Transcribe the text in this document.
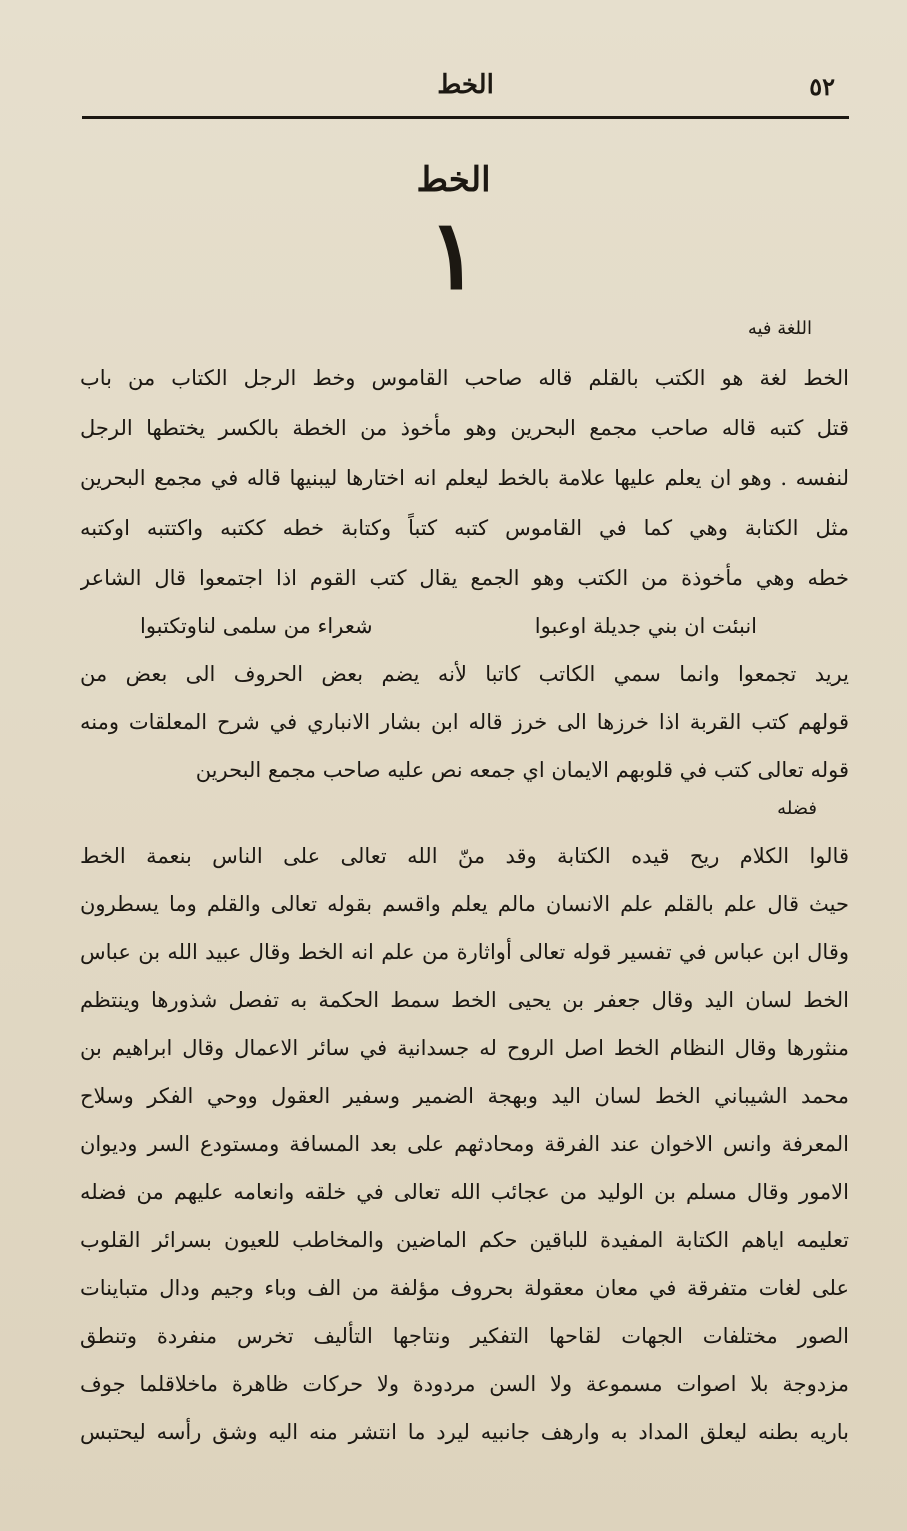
الخط	٥٢
الخط
١
اللغة فيه
الخط لغة هو الكتب بالقلم قاله صاحب القاموس وخط الرجل الكتاب من باب
قتل كتبه قاله صاحب مجمع البحرين وهو مأخوذ من الخطة بالكسر يختطها الرجل
لنفسه . وهو ان يعلم عليها علامة بالخط ليعلم انه اختارها ليبنيها قاله في مجمع البحرين
مثل الكتابة وهي كما في القاموس كتبه كتباً وكتابة خطه ككتبه واكتتبه اوكتبه
خطه وهي مأخوذة من الكتب وهو الجمع يقال كتب القوم اذا اجتمعوا قال الشاعر
انبئت ان بني جديلة اوعبوا
شعراء من سلمى لناوتكتبوا
يريد تجمعوا وانما سمي الكاتب كاتبا لأنه يضم بعض الحروف الى بعض من
قولهم كتب القربة اذا خرزها الى خرز قاله ابن بشار الانباري في شرح المعلقات ومنه
قوله تعالى كتب في قلوبهم الايمان اي جمعه نص عليه صاحب مجمع البحرين
فضله
قالوا الكلام ريح قيده الكتابة وقد منّ الله تعالى على الناس بنعمة الخط
حيث قال علم بالقلم علم الانسان مالم يعلم واقسم بقوله تعالى والقلم وما يسطرون
وقال ابن عباس في تفسير قوله تعالى أواثارة من علم انه الخط وقال عبيد الله بن عباس
الخط لسان اليد وقال جعفر بن يحيى الخط سمط الحكمة به تفصل شذورها وينتظم
منثورها وقال النظام الخط اصل الروح له جسدانية في سائر الاعمال وقال ابراهيم بن
محمد الشيباني الخط لسان اليد وبهجة الضمير وسفير العقول ووحي الفكر وسلاح
المعرفة وانس الاخوان عند الفرقة ومحادثهم على بعد المسافة ومستودع السر وديوان
الامور وقال مسلم بن الوليد من عجائب الله تعالى في خلقه وانعامه عليهم من فضله
تعليمه اياهم الكتابة المفيدة للباقين حكم الماضين والمخاطب للعيون بسرائر القلوب
على لغات متفرقة في معان معقولة بحروف مؤلفة من الف وباء وجيم ودال متباينات
الصور مختلفات الجهات لقاحها التفكير ونتاجها التأليف تخرس منفردة وتنطق
مزدوجة بلا اصوات مسموعة ولا السن مردودة ولا حركات ظاهرة ماخلاقلما جوف
باريه بطنه ليعلق المداد به وارهف جانبيه ليرد ما انتشر منه اليه وشق رأسه ليحتبس
